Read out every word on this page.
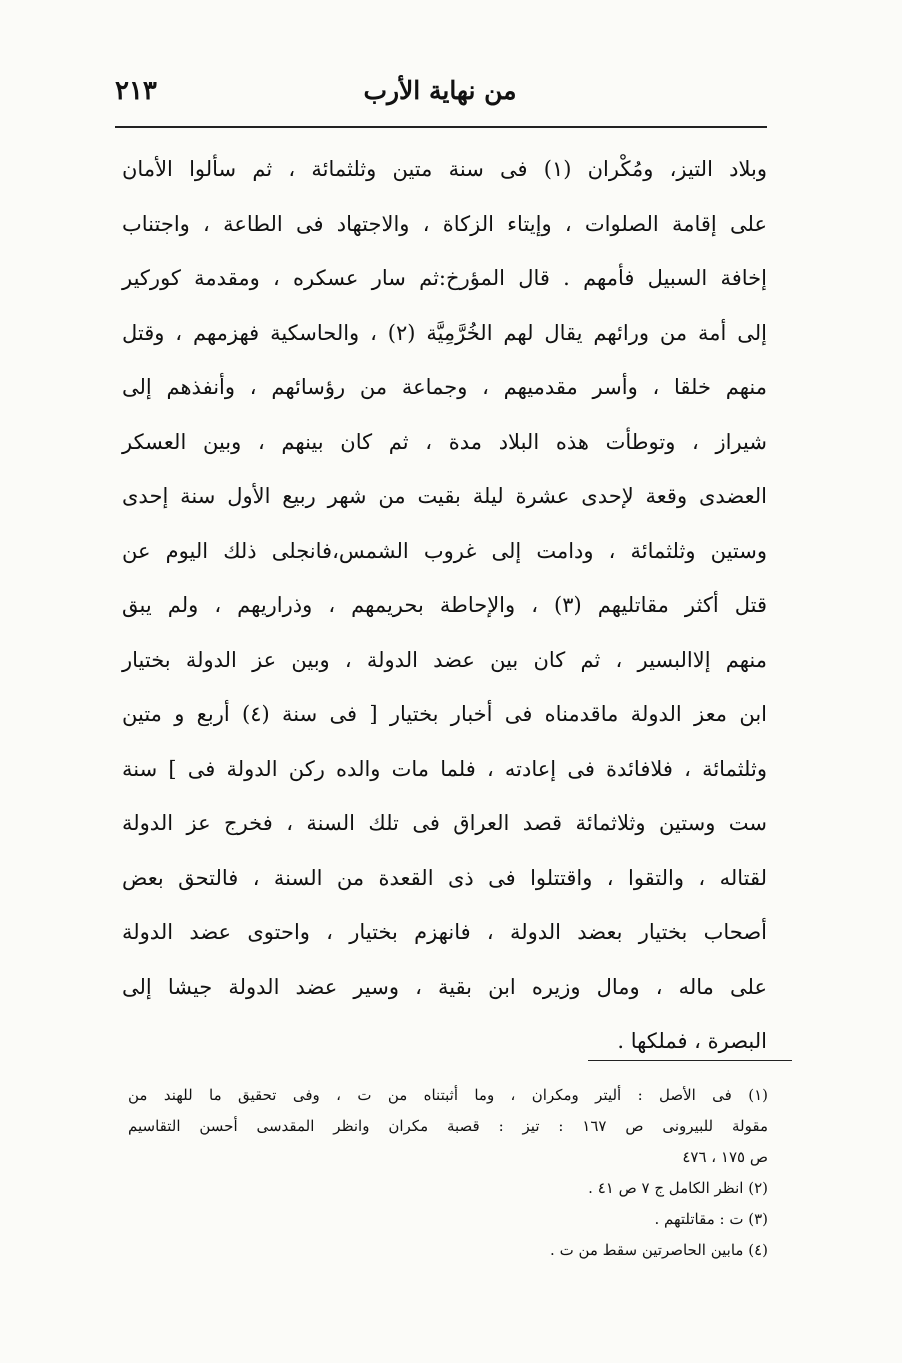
من نهاية الأرب
٢١٣
وبلاد التيز، ومُكْران (١) فى سنة متين وثلثمائة ، ثم سألوا الأمان
على إقامة الصلوات ، وإيتاء الزكاة ، والاجتهاد فى الطاعة ، واجتناب
إخافة السبيل فأمهم . قال المؤرخ:ثم سار عسكره ، ومقدمة كوركير
إلى أمة من ورائهم يقال لهم الخُرَّمِيَّة (٢) ، والحاسكية فهزمهم ، وقتل
منهم خلقا ، وأسر مقدميهم ، وجماعة من رؤسائهم ، وأنفذهم إلى
شيراز ، وتوطأت هذه البلاد مدة ، ثم كان بينهم ، وبين العسكر
العضدى وقعة لإحدى عشرة ليلة بقيت من شهر ربيع الأول سنة إحدى
وستين وثلثمائة ، ودامت إلى غروب الشمس،فانجلى ذلك اليوم عن
قتل أكثر مقاتليهم (٣) ، والإحاطة بحريمهم ، وذراريهم ، ولم يبق
منهم إلاالبسير ، ثم كان بين عضد الدولة ، وبين عز الدولة بختيار
ابن معز الدولة ماقدمناه فى أخبار بختيار [ فى سنة (٤) أربع و متين
وثلثمائة ، فلافائدة فى إعادته ، فلما مات والده ركن الدولة فى ] سنة
ست وستين وثلاثمائة قصد العراق فى تلك السنة ، فخرج عز الدولة
لقتاله ، والتقوا ، واقتتلوا فى ذى القعدة من السنة ، فالتحق بعض
أصحاب بختيار بعضد الدولة ، فانهزم بختيار ، واحتوى عضد الدولة
على ماله ، ومال وزيره ابن بقية ، وسير عضد الدولة جيشا إلى
البصرة ، فملكها .
(١) فى الأصل : أليتر ومكران ، وما أثبتناه من ت ، وفى تحقيق ما للهند من
مقولة للبيرونى ص ١٦٧ : تيز : قصبة مكران وانظر المقدسى أحسن التقاسيم
ص ١٧٥ ، ٤٧٦
(٢) انظر الكامل ج ٧ ص ٤١ .
(٣) ت : مقاتلتهم .
(٤) مابين الحاصرتين سقط من ت .
